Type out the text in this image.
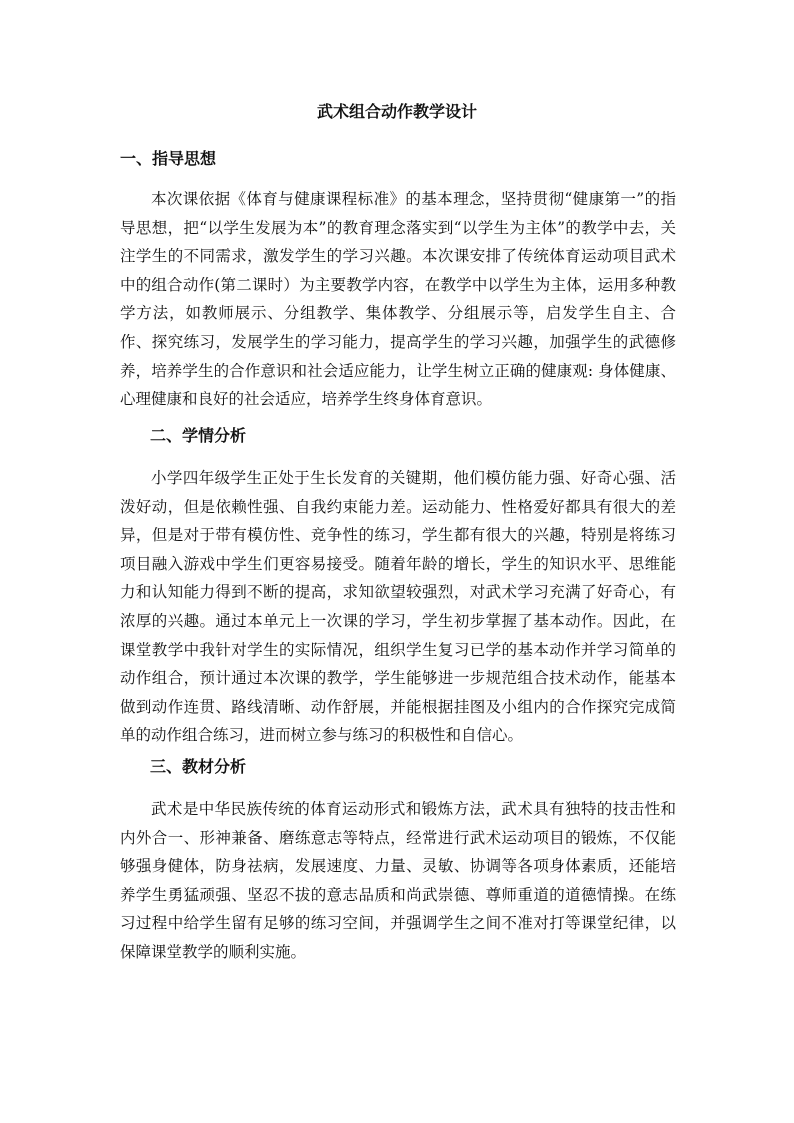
武术组合动作教学设计
一、指导思想

本次课依据《体育与健康课程标准》的基本理念，坚持贯彻“健康第一”的指导思想，把“以学生发展为本”的教育理念落实到“以学生为主体”的教学中去，关注学生的不同需求，激发学生的学习兴趣。本次课安排了传统体育运动项目武术中的组合动作(第二课时）为主要教学内容，在教学中以学生为主体，运用多种教学方法，如教师展示、分组教学、集体教学、分组展示等，启发学生自主、合作、探究练习，发展学生的学习能力，提高学生的学习兴趣，加强学生的武德修养，培养学生的合作意识和社会适应能力，让学生树立正确的健康观: 身体健康、心理健康和良好的社会适应，培养学生终身体育意识。

二、学情分析

小学四年级学生正处于生长发育的关键期，他们模仿能力强、好奇心强、活泼好动，但是依赖性强、自我约束能力差。运动能力、性格爱好都具有很大的差异，但是对于带有模仿性、竞争性的练习，学生都有很大的兴趣，特别是将练习项目融入游戏中学生们更容易接受。随着年龄的增长，学生的知识水平、思维能力和认知能力得到不断的提高，求知欲望较强烈，对武术学习充满了好奇心，有浓厚的兴趣。通过本单元上一次课的学习，学生初步掌握了基本动作。因此，在课堂教学中我针对学生的实际情况，组织学生复习已学的基本动作并学习简单的动作组合，预计通过本次课的教学，学生能够进一步规范组合技术动作，能基本做到动作连贯、路线清晰、动作舒展，并能根据挂图及小组内的合作探究完成简单的动作组合练习，进而树立参与练习的积极性和自信心。

三、教材分析

武术是中华民族传统的体育运动形式和锻炼方法，武术具有独特的技击性和内外合一、形神兼备、磨练意志等特点，经常进行武术运动项目的锻炼，不仅能够强身健体，防身祛病，发展速度、力量、灵敏、协调等各项身体素质，还能培养学生勇猛顽强、坚忍不拔的意志品质和尚武崇德、尊师重道的道德情操。在练习过程中给学生留有足够的练习空间，并强调学生之间不准对打等课堂纪律，以保障课堂教学的顺利实施。
